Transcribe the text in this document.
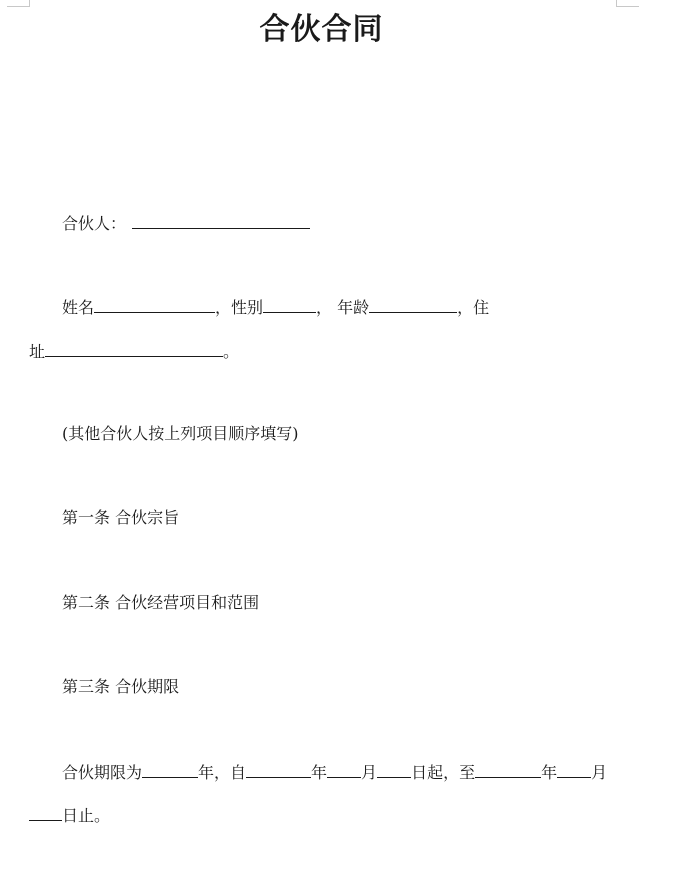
合伙合同
合伙人：
姓名	，性别	， 年龄	，住
址	。
(其他合伙人按上列项目顺序填写)
第一条 合伙宗旨
第二条 合伙经营项目和范围
第三条 合伙期限
合伙期限为	年，自	年 月 日起，至	年 月
日止。
